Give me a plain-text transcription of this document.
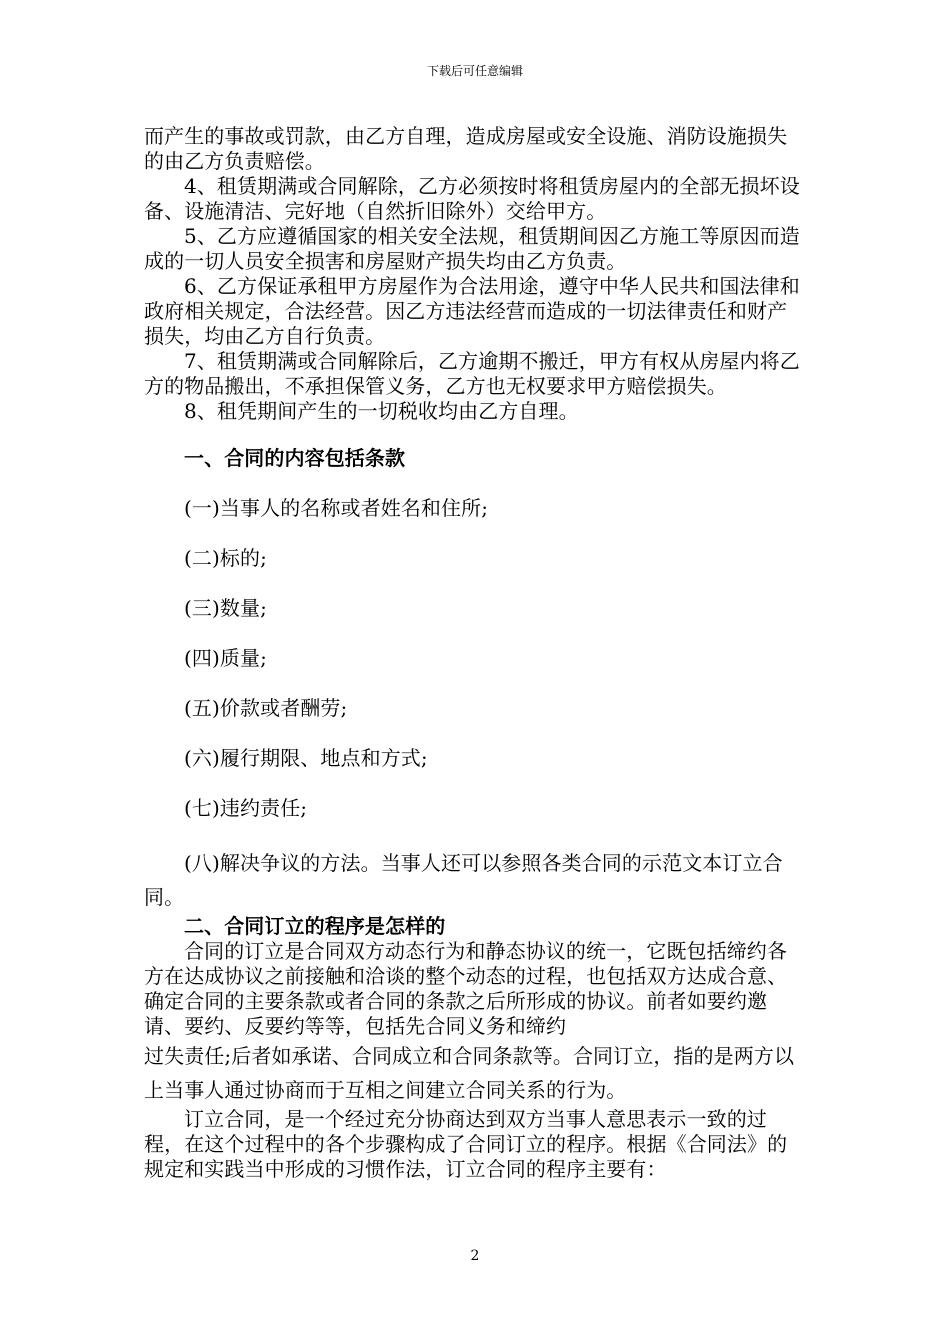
下载后可任意编辑

而产生的事故或罚款，由乙方自理，造成房屋或安全设施、消防设施损失的由乙方负责赔偿。

4、租赁期满或合同解除，乙方必须按时将租赁房屋内的全部无损坏设备、设施清洁、完好地（自然折旧除外）交给甲方。

5、乙方应遵循国家的相关安全法规，租赁期间因乙方施工等原因而造成的一切人员安全损害和房屋财产损失均由乙方负责。

6、乙方保证承租甲方房屋作为合法用途，遵守中华人民共和国法律和政府相关规定，合法经营。因乙方违法经营而造成的一切法律责任和财产损失，均由乙方自行负责。

7、租赁期满或合同解除后，乙方逾期不搬迁，甲方有权从房屋内将乙方的物品搬出，不承担保管义务，乙方也无权要求甲方赔偿损失。

8、租凭期间产生的一切税收均由乙方自理。

一、合同的内容包括条款

(一)当事人的名称或者姓名和住所;

(二)标的;

(三)数量;

(四)质量;

(五)价款或者酬劳;

(六)履行期限、地点和方式;

(七)违约责任;

(八)解决争议的方法。当事人还可以参照各类合同的示范文本订立合同。

二、合同订立的程序是怎样的

合同的订立是合同双方动态行为和静态协议的统一，它既包括缔约各方在达成协议之前接触和洽谈的整个动态的过程，也包括双方达成合意、确定合同的主要条款或者合同的条款之后所形成的协议。前者如要约邀请、要约、反要约等等，包括先合同义务和缔约

过失责任;后者如承诺、合同成立和合同条款等。合同订立，指的是两方以上当事人通过协商而于互相之间建立合同关系的行为。

订立合同，是一个经过充分协商达到双方当事人意思表示一致的过程，在这个过程中的各个步骤构成了合同订立的程序。根据《合同法》的规定和实践当中形成的习惯作法，订立合同的程序主要有：

2
